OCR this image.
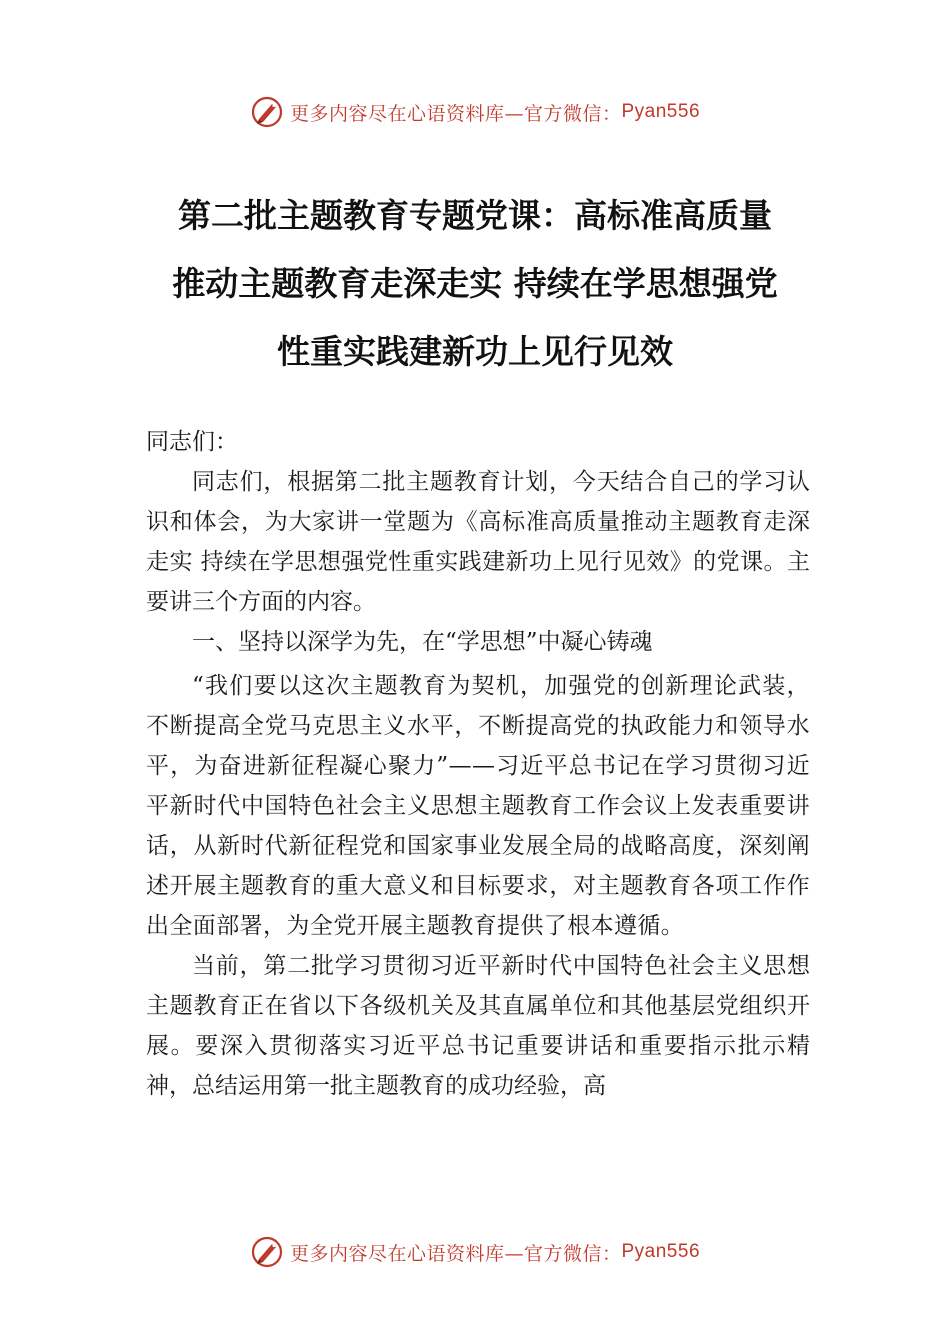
更多内容尽在心语资料库—官方微信： Pyan556
第二批主题教育专题党课：高标准高质量
推动主题教育走深走实 持续在学思想强党
性重实践建新功上见行见效

同志们：

同志们，根据第二批主题教育计划，今天结合自己的学习认识和体会，为大家讲一堂题为《高标准高质量推动主题教育走深走实 持续在学思想强党性重实践建新功上见行见效》的党课。主要讲三个方面的内容。

一、坚持以深学为先，在“学思想”中凝心铸魂

“我们要以这次主题教育为契机，加强党的创新理论武装，不断提高全党马克思主义水平，不断提高党的执政能力和领导水平，为奋进新征程凝心聚力”——习近平总书记在学习贯彻习近平新时代中国特色社会主义思想主题教育工作会议上发表重要讲话，从新时代新征程党和国家事业发展全局的战略高度，深刻阐述开展主题教育的重大意义和目标要求，对主题教育各项工作作出全面部署，为全党开展主题教育提供了根本遵循。

当前，第二批学习贯彻习近平新时代中国特色社会主义思想主题教育正在省以下各级机关及其直属单位和其他基层党组织开展。要深入贯彻落实习近平总书记重要讲话和重要指示批示精神，总结运用第一批主题教育的成功经验，高

更多内容尽在心语资料库—官方微信： Pyan556
